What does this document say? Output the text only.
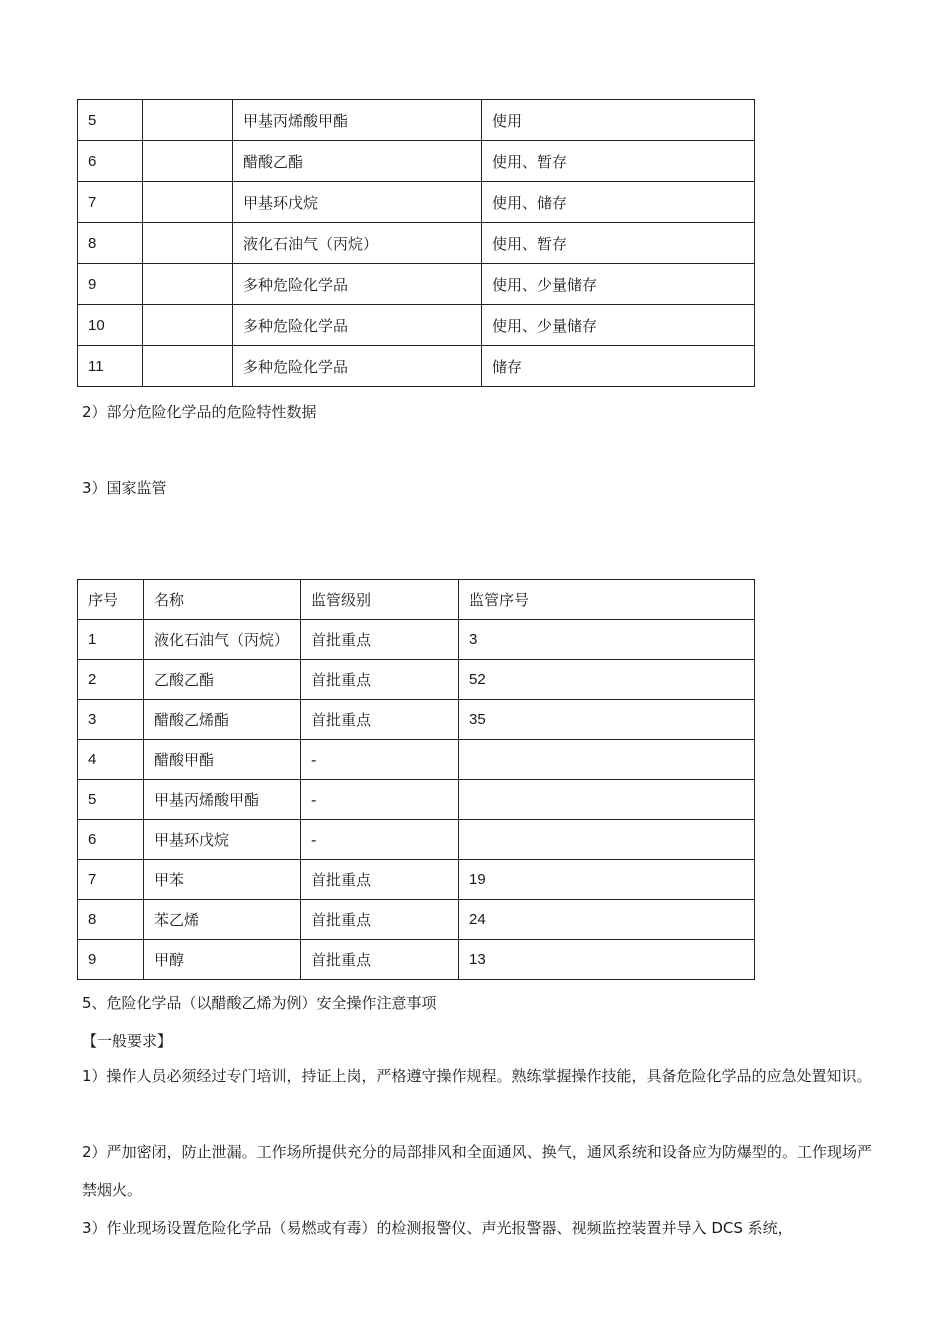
5		甲基丙烯酸甲酯	使用
6		醋酸乙酯	使用、暂存
7		甲基环戊烷	使用、储存
8		液化石油气（丙烷）	使用、暂存
9		多种危险化学品	使用、少量储存
10		多种危险化学品	使用、少量储存
11		多种危险化学品	储存
2）部分危险化学品的危险特性数据
3）国家监管
序号	名称	监管级别	监管序号
1	液化石油气（丙烷）	首批重点	3
2	乙酸乙酯	首批重点	52
3	醋酸乙烯酯	首批重点	35
4	醋酸甲酯	-	
5	甲基丙烯酸甲酯	-	
6	甲基环戊烷	-	
7	甲苯	首批重点	19
8	苯乙烯	首批重点	24
9	甲醇	首批重点	13
5、危险化学品（以醋酸乙烯为例）安全操作注意事项
【一般要求】
1）操作人员必须经过专门培训，持证上岗，严格遵守操作规程。熟练掌握操作技能，具备危险化学品的应急处置知识。
2）严加密闭，防止泄漏。工作场所提供充分的局部排风和全面通风、换气，通风系统和设备应为防爆型的。工作现场严禁烟火。
3）作业现场设置危险化学品（易燃或有毒）的检测报警仪、声光报警器、视频监控装置并导入 DCS 系统，
